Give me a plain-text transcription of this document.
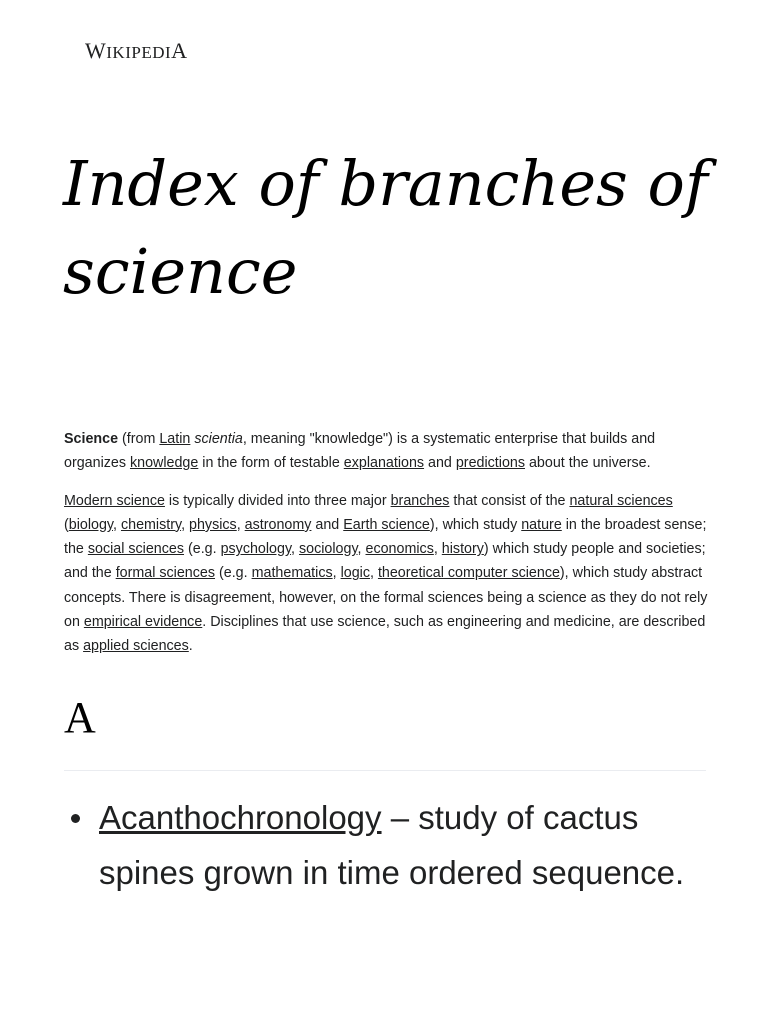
WIKIPEDIA
Index of branches of science

Science (from Latin scientia, meaning "knowledge") is a systematic enterprise that builds and organizes knowledge in the form of testable explanations and predictions about the universe.

Modern science is typically divided into three major branches that consist of the natural sciences (biology, chemistry, physics, astronomy and Earth science), which study nature in the broadest sense; the social sciences (e.g. psychology, sociology, economics, history) which study people and societies; and the formal sciences (e.g. mathematics, logic, theoretical computer science), which study abstract concepts. There is disagreement, however, on the formal sciences being a science as they do not rely on empirical evidence. Disciplines that use science, such as engineering and medicine, are described as applied sciences.

A
Acanthochronology – study of cactus spines grown in time ordered sequence.
